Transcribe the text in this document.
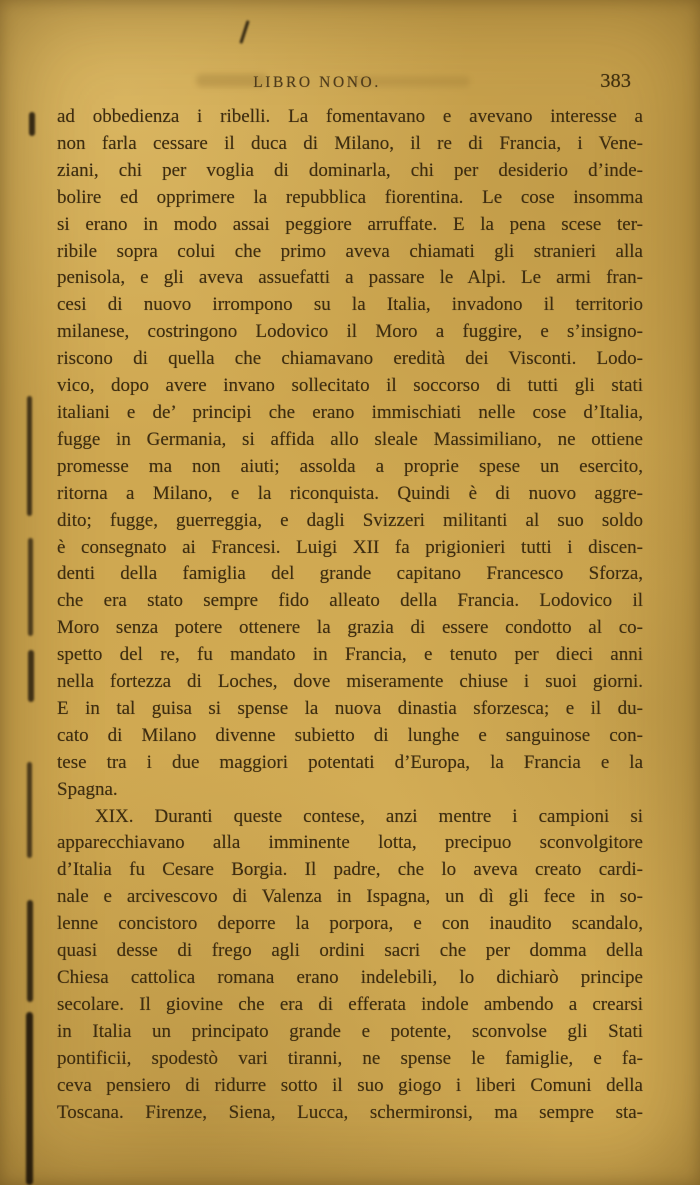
LIBRO NONO.	383
ad obbedienza i ribelli. La fomentavano e avevano interesse a
non farla cessare il duca di Milano, il re di Francia, i Vene-
ziani, chi per voglia di dominarla, chi per desiderio d’inde-
bolire ed opprimere la repubblica fiorentina. Le cose insomma
si erano in modo assai peggiore arruffate. E la pena scese ter-
ribile sopra colui che primo aveva chiamati gli stranieri alla
penisola, e gli aveva assuefatti a passare le Alpi. Le armi fran-
cesi di nuovo irrompono su la Italia, invadono il territorio
milanese, costringono Lodovico il Moro a fuggire, e s’insigno-
riscono di quella che chiamavano eredità dei Visconti. Lodo-
vico, dopo avere invano sollecitato il soccorso di tutti gli stati
italiani e de’ principi che erano immischiati nelle cose d’Italia,
fugge in Germania, si affida allo sleale Massimiliano, ne ottiene
promesse ma non aiuti; assolda a proprie spese un esercito,
ritorna a Milano, e la riconquista. Quindi è di nuovo aggre-
dito; fugge, guerreggia, e dagli Svizzeri militanti al suo soldo
è consegnato ai Francesi. Luigi XII fa prigionieri tutti i discen-
denti della famiglia del grande capitano Francesco Sforza,
che era stato sempre fido alleato della Francia. Lodovico il
Moro senza potere ottenere la grazia di essere condotto al co-
spetto del re, fu mandato in Francia, e tenuto per dieci anni
nella fortezza di Loches, dove miseramente chiuse i suoi giorni.
E in tal guisa si spense la nuova dinastia sforzesca; e il du-
cato di Milano divenne subietto di lunghe e sanguinose con-
tese tra i due maggiori potentati d’Europa, la Francia e la
Spagna.
XIX. Duranti queste contese, anzi mentre i campioni si
apparecchiavano alla imminente lotta, precipuo sconvolgitore
d’Italia fu Cesare Borgia. Il padre, che lo aveva creato cardi-
nale e arcivescovo di Valenza in Ispagna, un dì gli fece in so-
lenne concistoro deporre la porpora, e con inaudito scandalo,
quasi desse di frego agli ordini sacri che per domma della
Chiesa cattolica romana erano indelebili, lo dichiarò principe
secolare. Il giovine che era di efferata indole ambendo a crearsi
in Italia un principato grande e potente, sconvolse gli Stati
pontificii, spodestò vari tiranni, ne spense le famiglie, e fa-
ceva pensiero di ridurre sotto il suo giogo i liberi Comuni della
Toscana. Firenze, Siena, Lucca, schermironsi, ma sempre sta-
